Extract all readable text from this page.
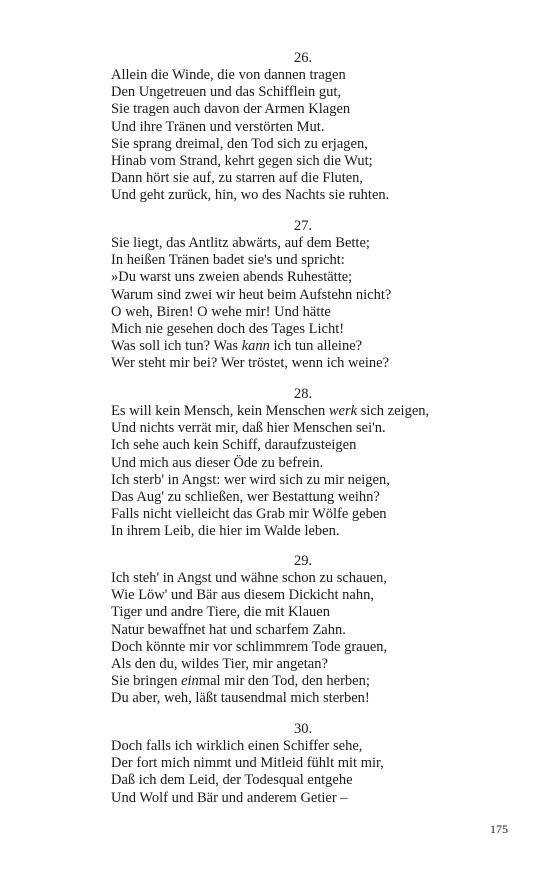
26.

Allein die Winde, die von dannen tragen

Den Ungetreuen und das Schifflein gut,

Sie tragen auch davon der Armen Klagen

Und ihre Tränen und verstörten Mut.

Sie sprang dreimal, den Tod sich zu erjagen,

Hinab vom Strand, kehrt gegen sich die Wut;

Dann hört sie auf, zu starren auf die Fluten,

Und geht zurück, hin, wo des Nachts sie ruhten.

27.

Sie liegt, das Antlitz abwärts, auf dem Bette;

In heißen Tränen badet sie's und spricht:

»Du warst uns zweien abends Ruhestätte;

Warum sind zwei wir heut beim Aufstehn nicht?

O weh, Biren! O wehe mir! Und hätte

Mich nie gesehen doch des Tages Licht!

Was soll ich tun? Was kann ich tun alleine?

Wer steht mir bei? Wer tröstet, wenn ich weine?

28.

Es will kein Mensch, kein Menschen werk sich zeigen,

Und nichts verrät mir, daß hier Menschen sei'n.

Ich sehe auch kein Schiff, daraufzusteigen

Und mich aus dieser Öde zu befrein.

Ich sterb' in Angst: wer wird sich zu mir neigen,

Das Aug' zu schließen, wer Bestattung weihn?

Falls nicht vielleicht das Grab mir Wölfe geben

In ihrem Leib, die hier im Walde leben.

29.

Ich steh' in Angst und wähne schon zu schauen,

Wie Löw' und Bär aus diesem Dickicht nahn,

Tiger und andre Tiere, die mit Klauen

Natur bewaffnet hat und scharfem Zahn.

Doch könnte mir vor schlimmrem Tode grauen,

Als den du, wildes Tier, mir angetan?

Sie bringen einmal mir den Tod, den herben;

Du aber, weh, läßt tausendmal mich sterben!

30.

Doch falls ich wirklich einen Schiffer sehe,

Der fort mich nimmt und Mitleid fühlt mit mir,

Daß ich dem Leid, der Todesqual entgehe

Und Wolf und Bär und anderem Getier –

175
